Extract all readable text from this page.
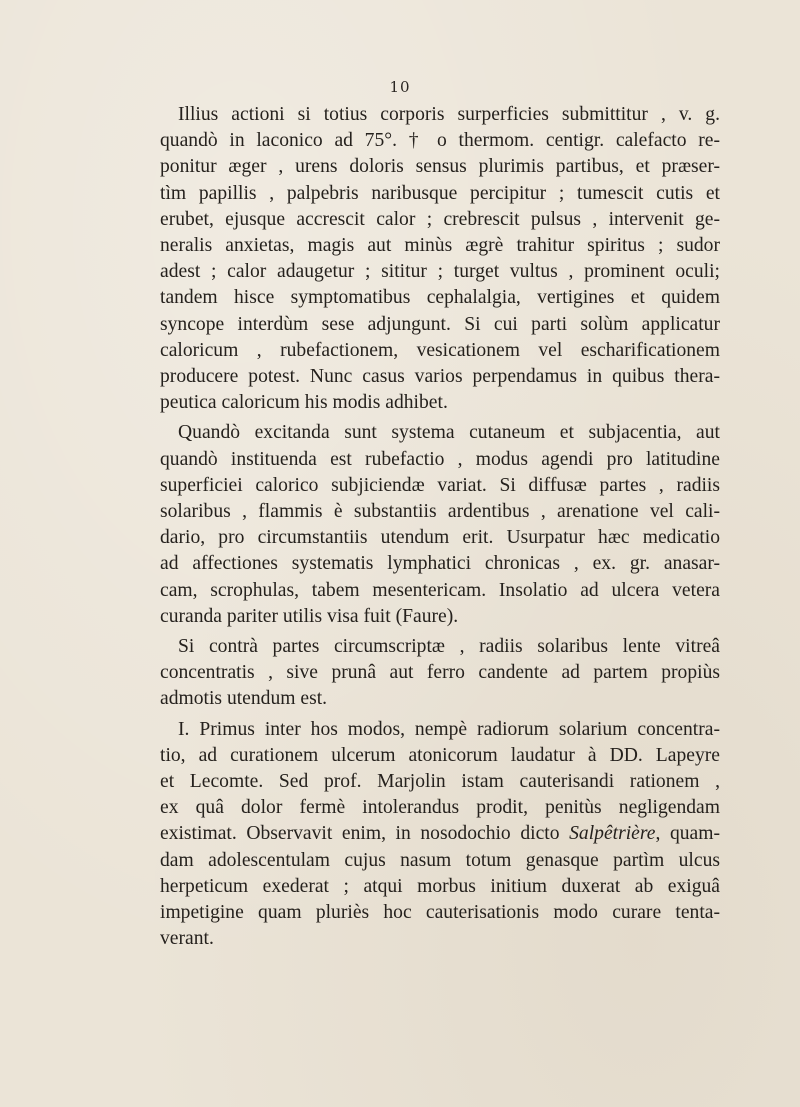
10
Illius actioni si totius corporis surperficies submittitur , v. g.
quandò in laconico ad 75°. † o thermom. centigr. calefacto re-
ponitur æger , urens doloris sensus plurimis partibus, et præser-
tìm papillis , palpebris naribusque percipitur ; tumescit cutis et
erubet, ejusque accrescit calor ; crebrescit pulsus , intervenit ge-
neralis anxietas, magis aut minùs ægrè trahitur spiritus ; sudor
adest ; calor adaugetur ; sititur ; turget vultus , prominent oculi;
tandem hisce symptomatibus cephalalgia, vertigines et quidem
syncope interdùm sese adjungunt. Si cui parti solùm applicatur
caloricum , rubefactionem, vesicationem vel escharificationem
producere potest. Nunc casus varios perpendamus in quibus thera-
peutica caloricum his modis adhibet.
Quandò excitanda sunt systema cutaneum et subjacentia, aut
quandò instituenda est rubefactio , modus agendi pro latitudine
superficiei calorico subjiciendæ variat. Si diffusæ partes , radiis
solaribus , flammis è substantiis ardentibus , arenatione vel cali-
dario, pro circumstantiis utendum erit. Usurpatur hæc medicatio
ad affectiones systematis lymphatici chronicas , ex. gr. anasar-
cam, scrophulas, tabem mesentericam. Insolatio ad ulcera vetera
curanda pariter utilis visa fuit (Faure).
Si contrà partes circumscriptæ , radiis solaribus lente vitreâ
concentratis , sive prunâ aut ferro candente ad partem propiùs
admotis utendum est.
I. Primus inter hos modos, nempè radiorum solarium concentra-
tio, ad curationem ulcerum atonicorum laudatur à DD. Lapeyre
et Lecomte. Sed prof. Marjolin istam cauterisandi rationem ,
ex quâ dolor fermè intolerandus prodit, penitùs negligendam
existimat. Observavit enim, in nosodochio dicto Salpêtrière, quam-
dam adolescentulam cujus nasum totum genasque partìm ulcus
herpeticum exederat ; atqui morbus initium duxerat ab exiguâ
impetigine quam pluriès hoc cauterisationis modo curare tenta-
verant.
